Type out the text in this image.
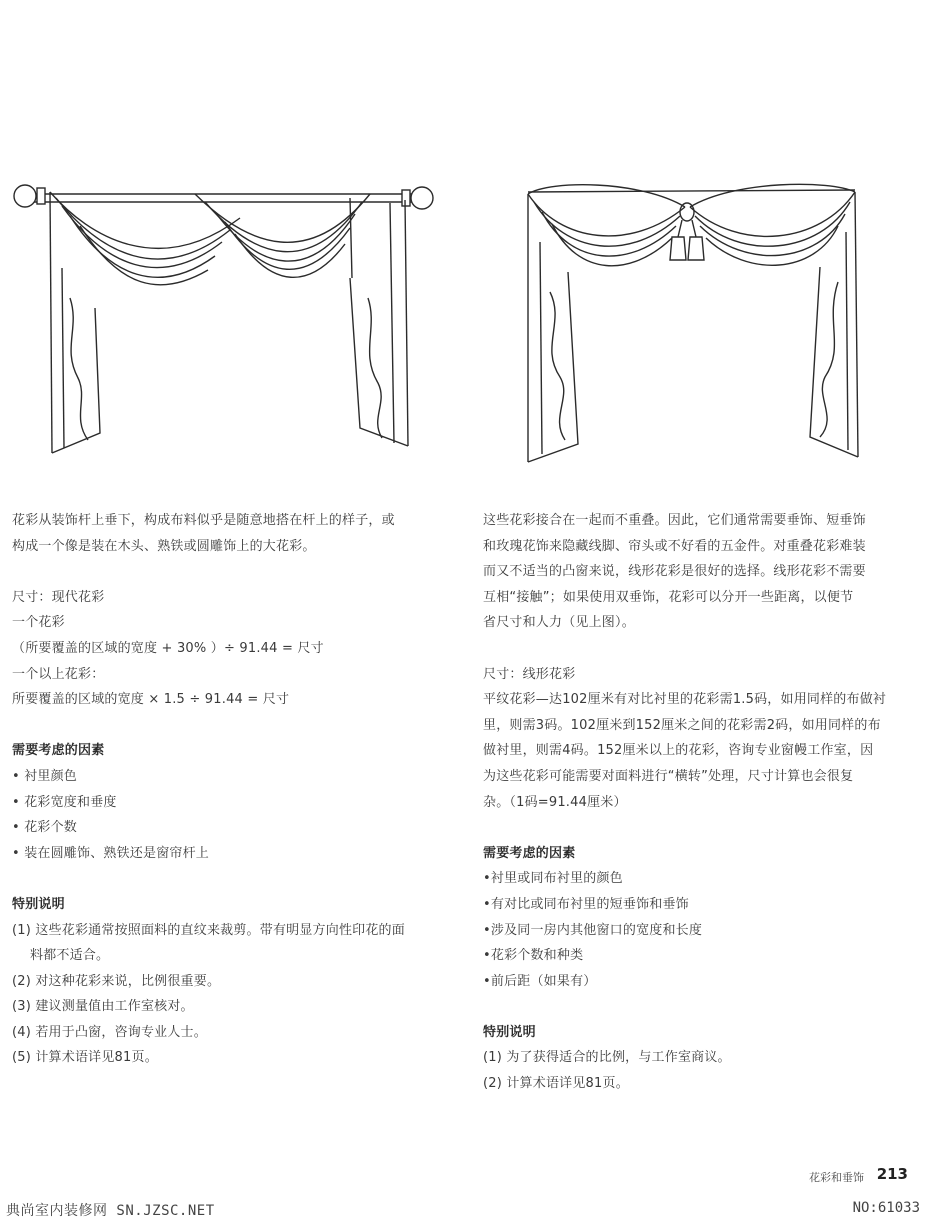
花彩从装饰杆上垂下，构成布料似乎是随意地搭在杆上的样子，或
构成一个像是装在木头、熟铁或圆雕饰上的大花彩。
尺寸：现代花彩
一个花彩
（所要覆盖的区域的宽度 + 30% ）÷ 91.44 = 尺寸
一个以上花彩：
所要覆盖的区域的宽度 × 1.5 ÷ 91.44 = 尺寸
需要考虑的因素
• 衬里颜色
• 花彩宽度和垂度
• 花彩个数
• 装在圆雕饰、熟铁还是窗帘杆上
特别说明
(1) 这些花彩通常按照面料的直纹来裁剪。带有明显方向性印花的面
料都不适合。
(2) 对这种花彩来说，比例很重要。
(3) 建议测量值由工作室核对。
(4) 若用于凸窗，咨询专业人士。
(5) 计算术语详见81页。
这些花彩接合在一起而不重叠。因此，它们通常需要垂饰、短垂饰
和玫瑰花饰来隐藏线脚、帘头或不好看的五金件。对重叠花彩难装
而又不适当的凸窗来说，线形花彩是很好的选择。线形花彩不需要
互相“接触”；如果使用双垂饰，花彩可以分开一些距离，以便节
省尺寸和人力（见上图）。
尺寸：线形花彩
平纹花彩—达102厘米有对比衬里的花彩需1.5码，如用同样的布做衬
里，则需3码。102厘米到152厘米之间的花彩需2码，如用同样的布
做衬里，则需4码。152厘米以上的花彩，咨询专业窗幔工作室，因
为这些花彩可能需要对面料进行“横转”处理，尺寸计算也会很复
杂。（1码=91.44厘米）
需要考虑的因素
•衬里或同布衬里的颜色
•有对比或同布衬里的短垂饰和垂饰
•涉及同一房内其他窗口的宽度和长度
•花彩个数和种类
•前后距（如果有）
特别说明
(1) 为了获得适合的比例，与工作室商议。
(2) 计算术语详见81页。
花彩和垂饰 213
典尚室内装修网 SN.JZSC.NET	NO:61033
